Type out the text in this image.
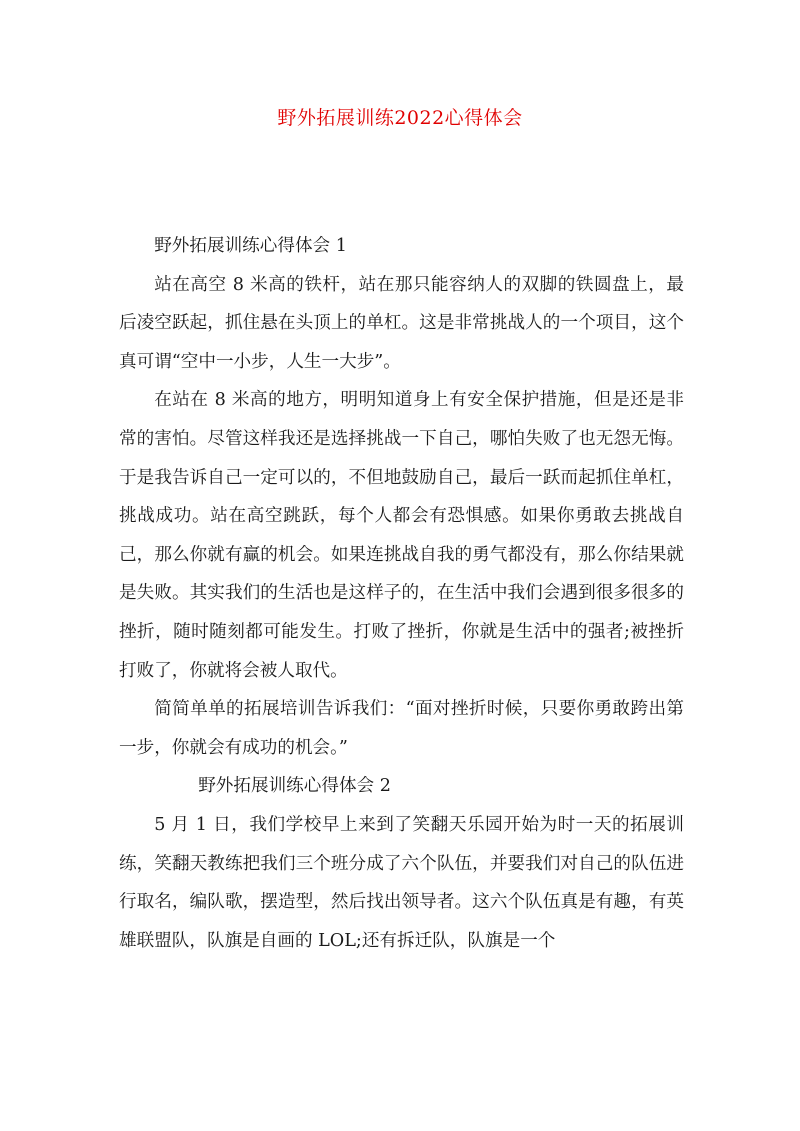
野外拓展训练2022心得体会

野外拓展训练心得体会 1

站在高空 8 米高的铁杆，站在那只能容纳人的双脚的铁圆盘上，最后凌空跃起，抓住悬在头顶上的单杠。这是非常挑战人的一个项目，这个真可谓“空中一小步，人生一大步”。

在站在 8 米高的地方，明明知道身上有安全保护措施，但是还是非常的害怕。尽管这样我还是选择挑战一下自己，哪怕失败了也无怨无悔。于是我告诉自己一定可以的，不但地鼓励自己，最后一跃而起抓住单杠，挑战成功。站在高空跳跃，每个人都会有恐惧感。如果你勇敢去挑战自己，那么你就有赢的机会。如果连挑战自我的勇气都没有，那么你结果就是失败。其实我们的生活也是这样子的，在生活中我们会遇到很多很多的挫折，随时随刻都可能发生。打败了挫折，你就是生活中的强者;被挫折打败了，你就将会被人取代。

简简单单的拓展培训告诉我们：“面对挫折时候，只要你勇敢跨出第一步，你就会有成功的机会。”

野外拓展训练心得体会 2

5 月 1 日，我们学校早上来到了笑翻天乐园开始为时一天的拓展训练，笑翻天教练把我们三个班分成了六个队伍，并要我们对自己的队伍进行取名，编队歌，摆造型，然后找出领导者。这六个队伍真是有趣，有英雄联盟队，队旗是自画的 LOL;还有拆迁队，队旗是一个
